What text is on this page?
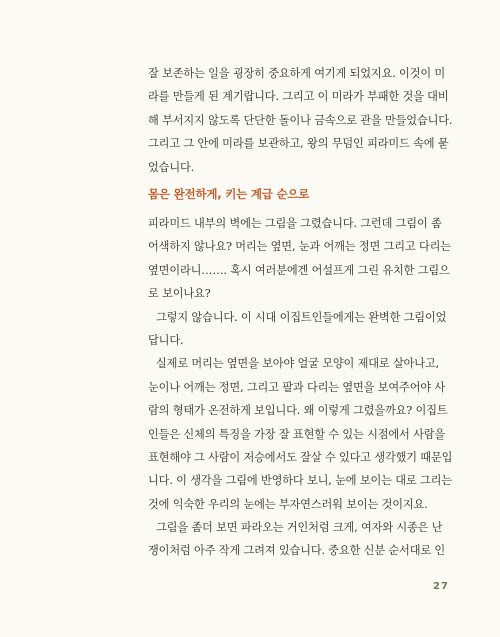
잘 보존하는 일을 굉장히 중요하게 여기게 되었지요. 이것이 미
라를 만들게 된 계기랍니다. 그리고 이 미라가 부패한 것을 대비
해 부서지지 않도록 단단한 돌이나 금속으로 관을 만들었습니다.
그리고 그 안에 미라를 보관하고, 왕의 무덤인 피라미드 속에 묻
었습니다.
몸은 완전하게, 키는 계급 순으로
피라미드 내부의 벽에는 그림을 그렸습니다. 그런데 그림이 좀
어색하지 않나요? 머리는 옆면, 눈과 어깨는 정면 그리고 다리는
옆면이라니……. 혹시 여러분에겐 어설프게 그린 유치한 그림으
로 보이나요?
그렇지 않습니다. 이 시대 이집트인들에게는 완벽한 그림이었
답니다.
실제로 머리는 옆면을 보아야 얼굴 모양이 제대로 살아나고,
눈이나 어깨는 정면, 그리고 팔과 다리는 옆면을 보여주어야 사
람의 형태가 온전하게 보입니다. 왜 이렇게 그렸을까요? 이집트
인들은 신체의 특징을 가장 잘 표현할 수 있는 시점에서 사람을
표현해야 그 사람이 저승에서도 잘살 수 있다고 생각했기 때문입
니다. 이 생각을 그림에 반영하다 보니, 눈에 보이는 대로 그리는
것에 익숙한 우리의 눈에는 부자연스러워 보이는 것이지요.
그림을 좀더 보면 파라오는 거인처럼 크게, 여자와 시종은 난
쟁이처럼 아주 작게 그려져 있습니다. 중요한 신분 순서대로 인
27
